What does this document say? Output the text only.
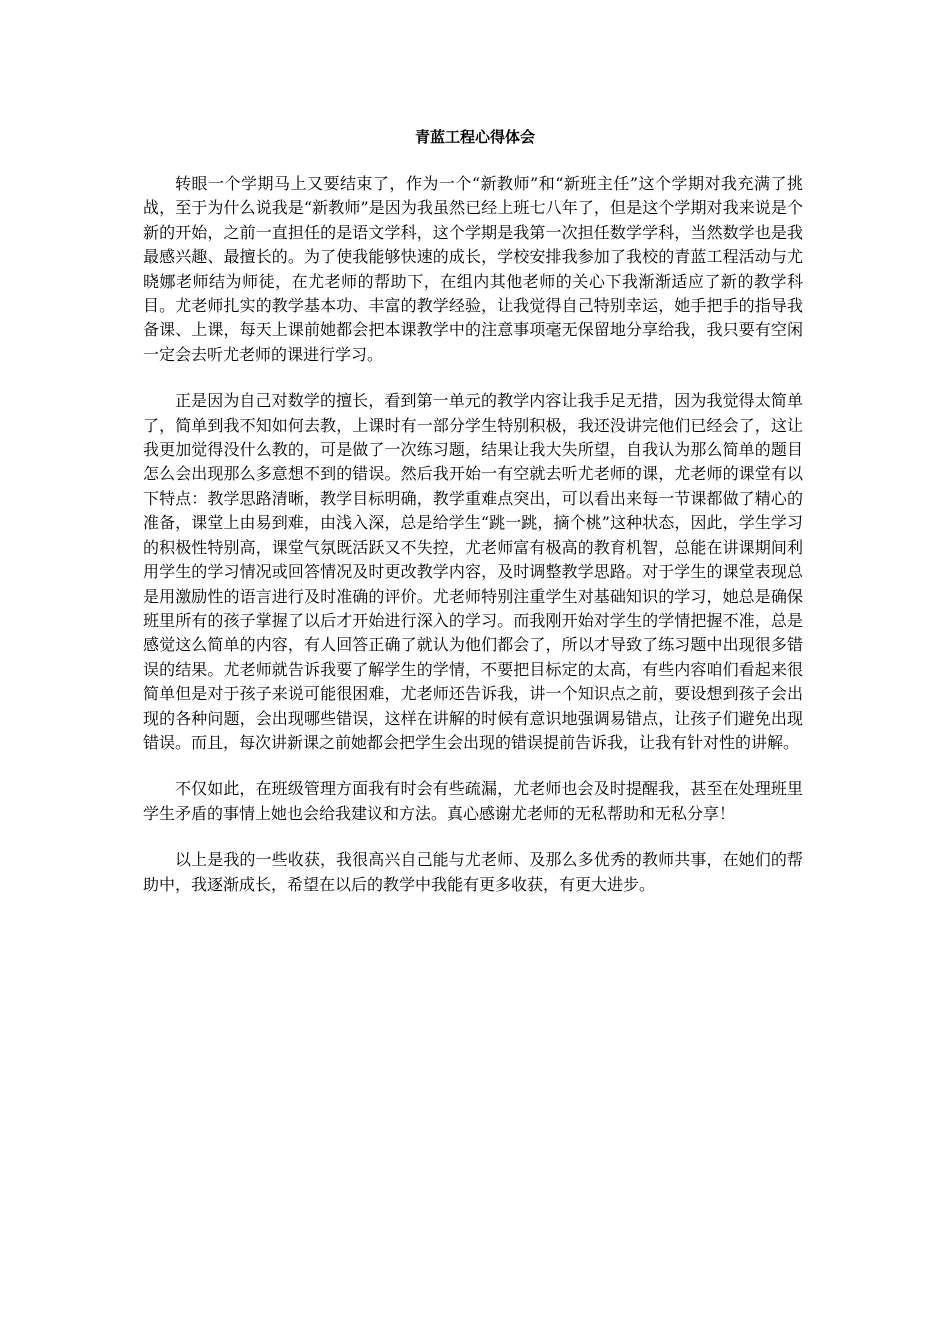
青蓝工程心得体会

转眼一个学期马上又要结束了，作为一个“新教师”和“新班主任”这个学期对我充满了挑战，至于为什么说我是“新教师”是因为我虽然已经上班七八年了，但是这个学期对我来说是个新的开始，之前一直担任的是语文学科，这个学期是我第一次担任数学学科，当然数学也是我最感兴趣、最擅长的。为了使我能够快速的成长，学校安排我参加了我校的青蓝工程活动与尤晓娜老师结为师徒，在尤老师的帮助下，在组内其他老师的关心下我渐渐适应了新的教学科目。尤老师扎实的教学基本功、丰富的教学经验，让我觉得自己特别幸运，她手把手的指导我备课、上课，每天上课前她都会把本课教学中的注意事项毫无保留地分享给我，我只要有空闲一定会去听尤老师的课进行学习。

正是因为自己对数学的擅长，看到第一单元的教学内容让我手足无措，因为我觉得太简单了，简单到我不知如何去教，上课时有一部分学生特别积极，我还没讲完他们已经会了，这让我更加觉得没什么教的，可是做了一次练习题，结果让我大失所望，自我认为那么简单的题目怎么会出现那么多意想不到的错误。然后我开始一有空就去听尤老师的课，尤老师的课堂有以下特点：教学思路清晰，教学目标明确，教学重难点突出，可以看出来每一节课都做了精心的准备，课堂上由易到难，由浅入深，总是给学生“跳一跳，摘个桃”这种状态，因此，学生学习的积极性特别高，课堂气氛既活跃又不失控，尤老师富有极高的教育机智，总能在讲课期间利用学生的学习情况或回答情况及时更改教学内容，及时调整教学思路。对于学生的课堂表现总是用激励性的语言进行及时准确的评价。尤老师特别注重学生对基础知识的学习，她总是确保班里所有的孩子掌握了以后才开始进行深入的学习。而我刚开始对学生的学情把握不准，总是感觉这么简单的内容，有人回答正确了就认为他们都会了，所以才导致了练习题中出现很多错误的结果。尤老师就告诉我要了解学生的学情，不要把目标定的太高，有些内容咱们看起来很简单但是对于孩子来说可能很困难，尤老师还告诉我，讲一个知识点之前，要设想到孩子会出现的各种问题，会出现哪些错误，这样在讲解的时候有意识地强调易错点，让孩子们避免出现错误。而且，每次讲新课之前她都会把学生会出现的错误提前告诉我，让我有针对性的讲解。

不仅如此，在班级管理方面我有时会有些疏漏，尤老师也会及时提醒我，甚至在处理班里学生矛盾的事情上她也会给我建议和方法。真心感谢尤老师的无私帮助和无私分享！

以上是我的一些收获，我很高兴自己能与尤老师、及那么多优秀的教师共事，在她们的帮助中，我逐渐成长，希望在以后的教学中我能有更多收获，有更大进步。
